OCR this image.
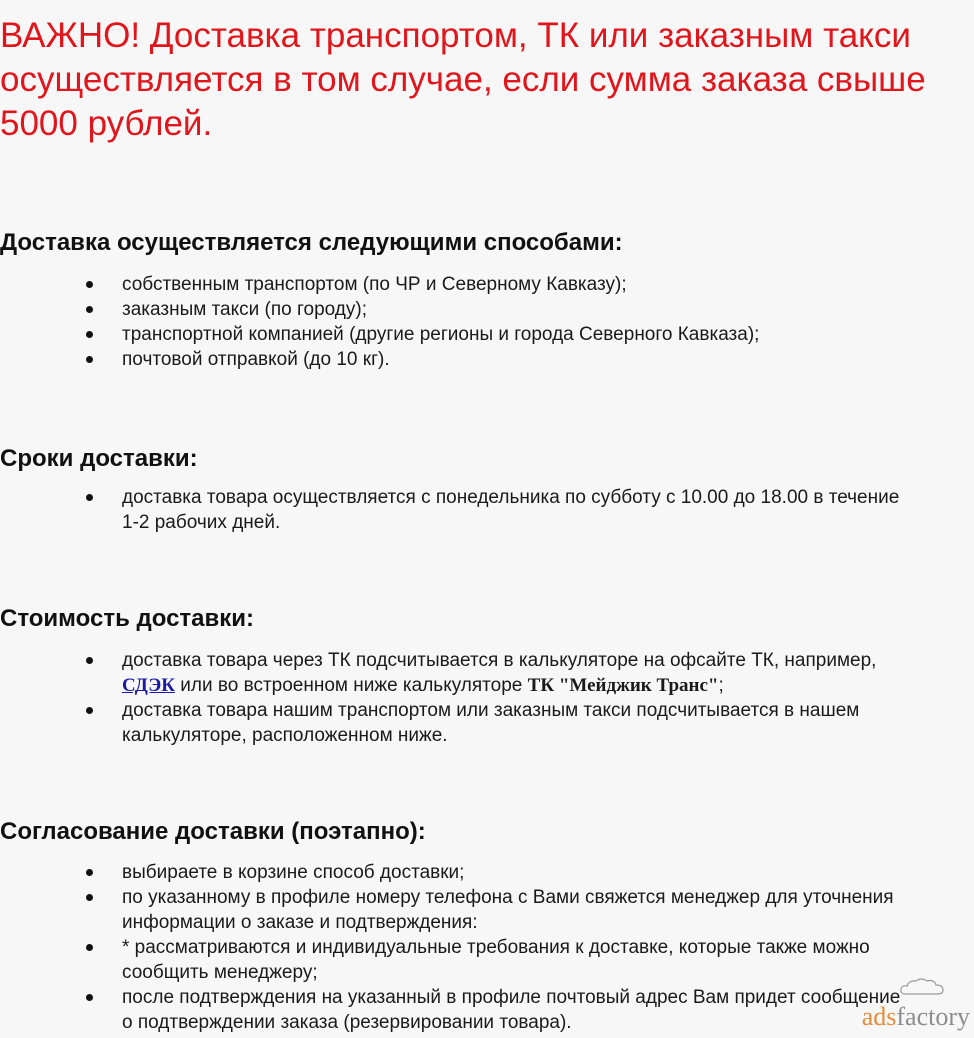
ВАЖНО! Доставка транспортом, ТК или заказным такси осуществляется в том случае, если сумма заказа свыше 5000 рублей.

Доставка осуществляется следующими способами:
собственным транспортом (по ЧР и Северному Кавказу);
заказным такси (по городу);
транспортной компанией (другие регионы и города Северного Кавказа);
почтовой отправкой (до 10 кг).
Сроки доставки:
доставка товара осуществляется с понедельника по субботу с 10.00 до 18.00 в течение 1-2 рабочих дней.
Стоимость доставки:
доставка товара через ТК подсчитывается в калькуляторе на офсайте ТК, например, СДЭК или во встроенном ниже калькуляторе ТК "Мейджик Транс";
доставка товара нашим транспортом или заказным такси подсчитывается в нашем калькуляторе, расположенном ниже.
Согласование доставки (поэтапно):
выбираете в корзине способ доставки;
по указанному в профиле номеру телефона с Вами свяжется менеджер для уточнения информации о заказе и подтверждения:
* рассматриваются и индивидуальные требования к доставке, которые также можно сообщить менеджеру;
после подтверждения на указанный в профиле почтовый адрес Вам придет сообщение о подтверждении заказа (резервировании товара).	adsfactory
